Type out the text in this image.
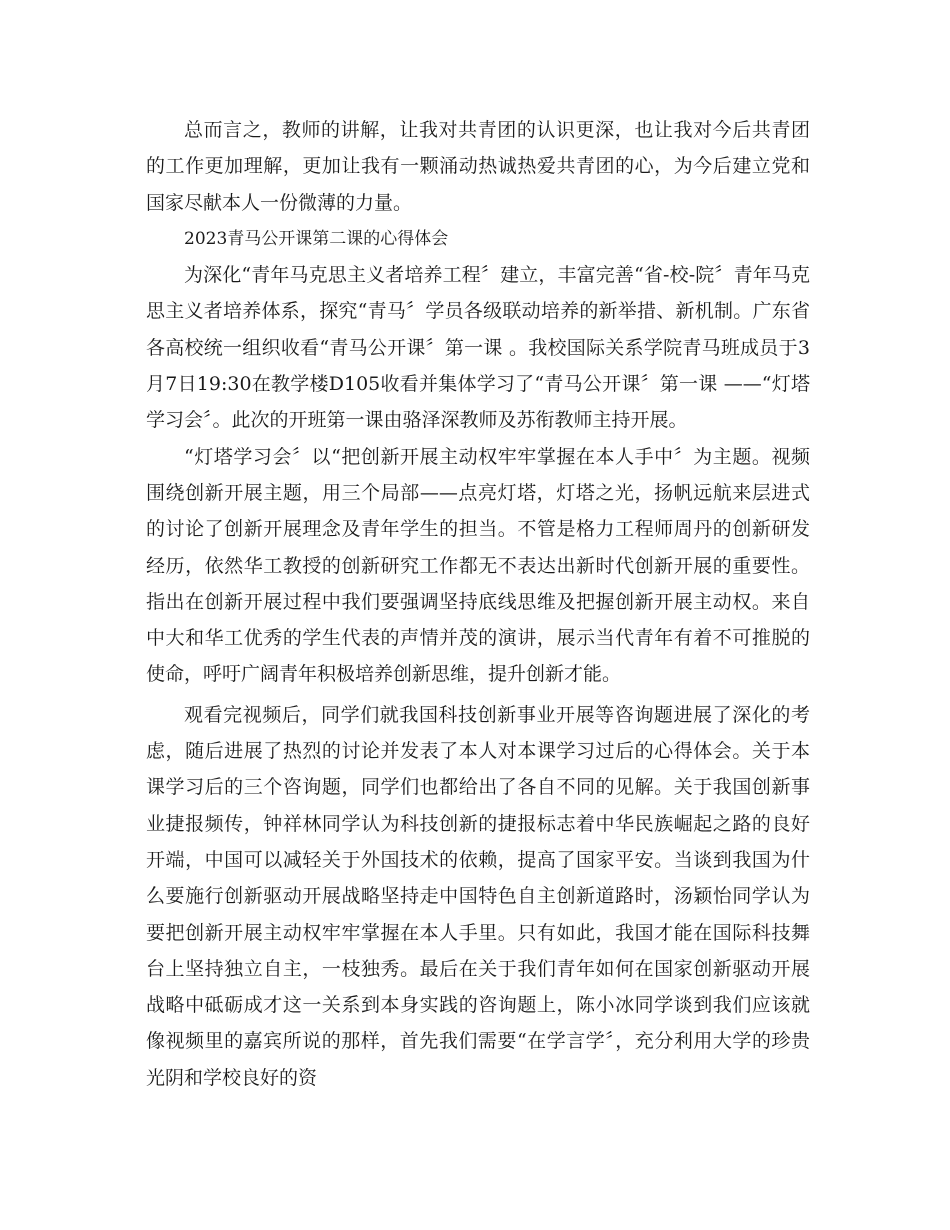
总而言之，教师的讲解，让我对共青团的认识更深，也让我对今后共青团的工作更加理解，更加让我有一颗涌动热诚热爱共青团的心，为今后建立党和国家尽献本人一份微薄的力量。

2023青马公开课第二课的心得体会

为深化“青年马克思主义者培养工程〞建立，丰富完善“省-校-院〞青年马克思主义者培养体系，探究“青马〞学员各级联动培养的新举措、新机制。广东省各高校统一组织收看“青马公开课〞第一课 。我校国际关系学院青马班成员于3月7日19:30在教学楼D105收看并集体学习了“青马公开课〞第一课 ——“灯塔学习会〞。此次的开班第一课由骆泽深教师及苏衔教师主持开展。

“灯塔学习会〞以“把创新开展主动权牢牢掌握在本人手中〞为主题。视频围绕创新开展主题，用三个局部——点亮灯塔，灯塔之光，扬帆远航来层进式的讨论了创新开展理念及青年学生的担当。不管是格力工程师周丹的创新研发经历，依然华工教授的创新研究工作都无不表达出新时代创新开展的重要性。指出在创新开展过程中我们要强调坚持底线思维及把握创新开展主动权。来自中大和华工优秀的学生代表的声情并茂的演讲，展示当代青年有着不可推脱的使命，呼吁广阔青年积极培养创新思维，提升创新才能。

观看完视频后，同学们就我国科技创新事业开展等咨询题进展了深化的考虑，随后进展了热烈的讨论并发表了本人对本课学习过后的心得体会。关于本课学习后的三个咨询题，同学们也都给出了各自不同的见解。关于我国创新事业捷报频传，钟祥林同学认为科技创新的捷报标志着中华民族崛起之路的良好开端，中国可以减轻关于外国技术的依赖，提高了国家平安。当谈到我国为什么要施行创新驱动开展战略坚持走中国特色自主创新道路时，汤颖怡同学认为要把创新开展主动权牢牢掌握在本人手里。只有如此，我国才能在国际科技舞台上坚持独立自主，一枝独秀。最后在关于我们青年如何在国家创新驱动开展战略中砥砺成才这一关系到本身实践的咨询题上，陈小冰同学谈到我们应该就像视频里的嘉宾所说的那样，首先我们需要“在学言学〞，充分利用大学的珍贵光阴和学校良好的资
